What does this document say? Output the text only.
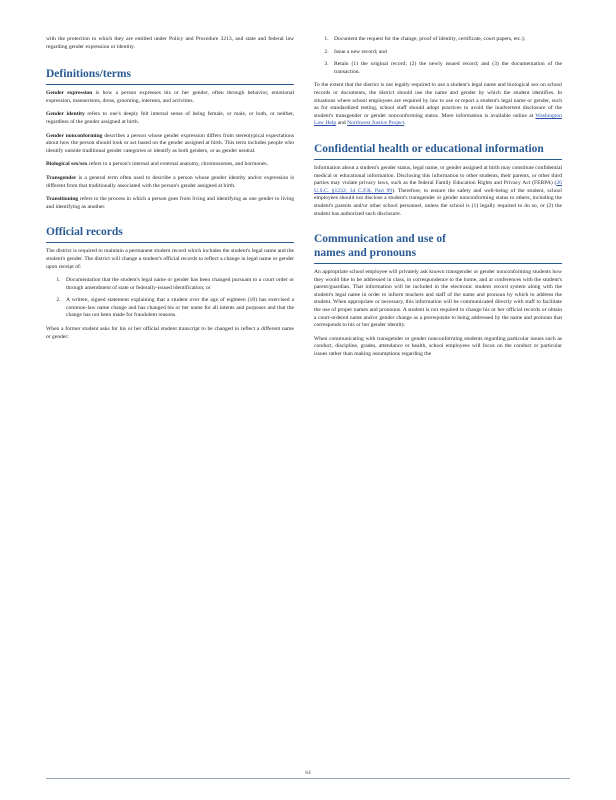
with the protection to which they are entitled under Policy and Procedure 3213, and state and federal law regarding gender expression or identity.

Definitions/terms

Gender expression is how a person expresses his or her gender, often through behavior, emotional expression, mannerisms, dress, grooming, interests, and activities.

Gender identity refers to one's deeply felt internal sense of being female, or male, or both, or neither, regardless of the gender assigned at birth.

Gender nonconforming describes a person whose gender expression differs from stereotypical expectations about how the person should look or act based on the gender assigned at birth. This term includes people who identify outside traditional gender categories or identify as both genders, or as gender neutral.

Biological sex/sex refers to a person's internal and external anatomy, chromosomes, and hormones.

Transgender is a general term often used to describe a person whose gender identity and/or expression is different from that traditionally associated with the person's gender assigned at birth.

Transitioning refers to the process in which a person goes from living and identifying as one gender to living and identifying as another.

Official records

The district is required to maintain a permanent student record which includes the student's legal name and the student's gender. The district will change a student's official records to reflect a change in legal name or gender upon receipt of:

1. Documentation that the student's legal name or gender has been changed pursuant to a court order or through amendment of state or federally-issued identification; or
2. A written, signed statement explaining that a student over the age of eighteen (18) has exercised a common-law name change and has changed his or her name for all intents and purposes and that the change has not been made for fraudulent reasons.

When a former student asks for his or her official student transcript to be changed to reflect a different name or gender:

1. Document the request for the change, proof of identity, certificate, court papers, etc.);
2. Issue a new record; and
3. Retain (1) the original record; (2) the newly issued record; and (3) the documentation of the transaction.

To the extent that the district is not legally required to use a student's legal name and biological sex on school records or documents, the district should use the name and gender by which the student identifies. In situations where school employees are required by law to use or report a student's legal name or gender, such as for standardized testing, school staff should adopt practices to avoid the inadvertent disclosure of the student's transgender or gender nonconforming status. More information is available online at Washington Law Help and Northwest Justice Project.

Confidential health or educational information

Information about a student's gender status, legal name, or gender assigned at birth may constitute confidential medical or educational information. Disclosing this information to other students, their parents, or other third parties may violate privacy laws, such as the federal Family Education Rights and Privacy Act (FERPA) (20 U.S.C. §1232; 34 C.F.R. Part 99). Therefore, to ensure the safety and well-being of the student, school employees should not disclose a student's transgender or gender nonconforming status to others, including the student's parents and/or other school personnel, unless the school is (1) legally required to do so, or (2) the student has authorized such disclosure.

Communication and use of
names and pronouns

An appropriate school employee will privately ask known transgender or gender nonconforming students how they would like to be addressed in class, in correspondence to the home, and at conferences with the student's parent/guardian. That information will be included in the electronic student record system along with the student's legal name in order to inform teachers and staff of the name and pronoun by which to address the student. When appropriate or necessary, this information will be communicated directly with staff to facilitate the use of proper names and pronouns. A student is not required to change his or her official records or obtain a court-ordered name and/or gender change as a prerequisite to being addressed by the name and pronoun that corresponds to his or her gender identity.

When communicating with transgender or gender nonconforming students regarding particular issues such as conduct, discipline, grades, attendance or health, school employees will focus on the conduct or particular issues rather than making assumptions regarding the

64
